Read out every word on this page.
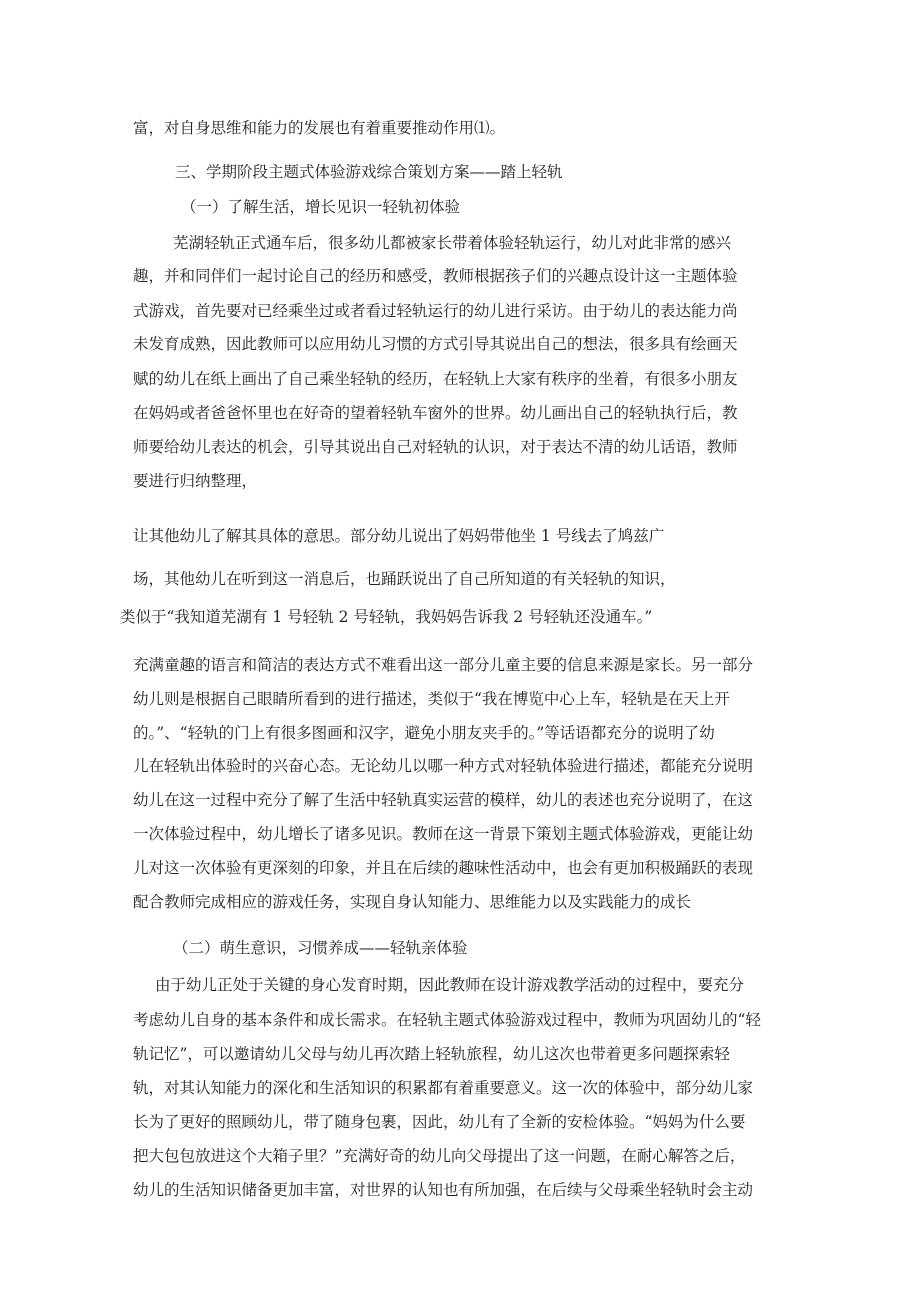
富，对自身思维和能力的发展也有着重要推动作用⑴。
三、学期阶段主题式体验游戏综合策划方案——踏上轻轨
（一）了解生活，增长见识一轻轨初体验
芜湖轻轨正式通车后，很多幼儿都被家长带着体验轻轨运行，幼儿对此非常的感兴
趣，并和同伴们一起讨论自己的经历和感受，教师根据孩子们的兴趣点设计这一主题体验
式游戏，首先要对已经乘坐过或者看过轻轨运行的幼儿进行采访。由于幼儿的表达能力尚
未发育成熟，因此教师可以应用幼儿习惯的方式引导其说出自己的想法，很多具有绘画天
赋的幼儿在纸上画出了自己乘坐轻轨的经历，在轻轨上大家有秩序的坐着，有很多小朋友
在妈妈或者爸爸怀里也在好奇的望着轻轨车窗外的世界。幼儿画出自己的轻轨执行后，教
师要给幼儿表达的机会，引导其说出自己对轻轨的认识，对于表达不清的幼儿话语，教师
要进行归纳整理，
让其他幼儿了解其具体的意思。部分幼儿说出了妈妈带他坐 1 号线去了鸠兹广
场，其他幼儿在听到这一消息后，也踊跃说出了自己所知道的有关轻轨的知识，
类似于“我知道芜湖有 1 号轻轨 2 号轻轨，我妈妈告诉我 2 号轻轨还没通车。”
充满童趣的语言和简洁的表达方式不难看出这一部分儿童主要的信息来源是家长。另一部分
幼儿则是根据自己眼睛所看到的进行描述，类似于“我在博览中心上车，轻轨是在天上开
的。”、“轻轨的门上有很多图画和汉字，避免小朋友夹手的。”等话语都充分的说明了幼
儿在轻轨出体验时的兴奋心态。无论幼儿以哪一种方式对轻轨体验进行描述，都能充分说明
幼儿在这一过程中充分了解了生活中轻轨真实运营的模样，幼儿的表述也充分说明了，在这
一次体验过程中，幼儿增长了诸多见识。教师在这一背景下策划主题式体验游戏，更能让幼
儿对这一次体验有更深刻的印象，并且在后续的趣味性活动中，也会有更加积极踊跃的表现
配合教师完成相应的游戏任务，实现自身认知能力、思维能力以及实践能力的成长
（二）萌生意识，习惯养成——轻轨亲体验
由于幼儿正处于关键的身心发育时期，因此教师在设计游戏教学活动的过程中，要充分
考虑幼儿自身的基本条件和成长需求。在轻轨主题式体验游戏过程中，教师为巩固幼儿的“轻
轨记忆”，可以邀请幼儿父母与幼儿再次踏上轻轨旅程，幼儿这次也带着更多问题探索轻
轨，对其认知能力的深化和生活知识的积累都有着重要意义。这一次的体验中，部分幼儿家
长为了更好的照顾幼儿，带了随身包裹，因此，幼儿有了全新的安检体验。“妈妈为什么要
把大包包放进这个大箱子里？”充满好奇的幼儿向父母提出了这一问题，在耐心解答之后，
幼儿的生活知识储备更加丰富，对世界的认知也有所加强，在后续与父母乘坐轻轨时会主动
